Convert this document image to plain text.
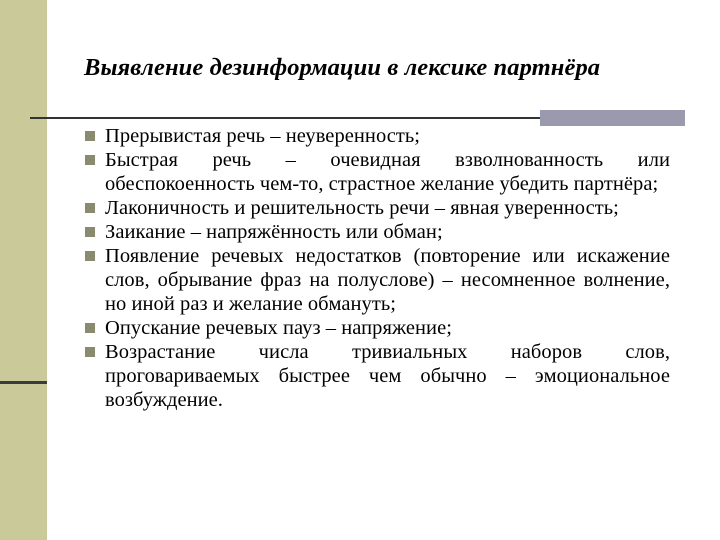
Выявление дезинформации в лексике партнёра
Прерывистая речь – неуверенность;
Быстрая речь – очевидная взволнованность или обеспокоенность чем-то, страстное желание убедить партнёра;
Лаконичность и решительность речи – явная уверенность;
Заикание – напряжённость или обман;
Появление речевых недостатков (повторение или искажение слов, обрывание фраз на полуслове) – несомненное волнение, но иной раз и желание обмануть;
Опускание речевых пауз – напряжение;
Возрастание числа тривиальных наборов слов, проговариваемых быстрее чем обычно – эмоциональное возбуждение.
